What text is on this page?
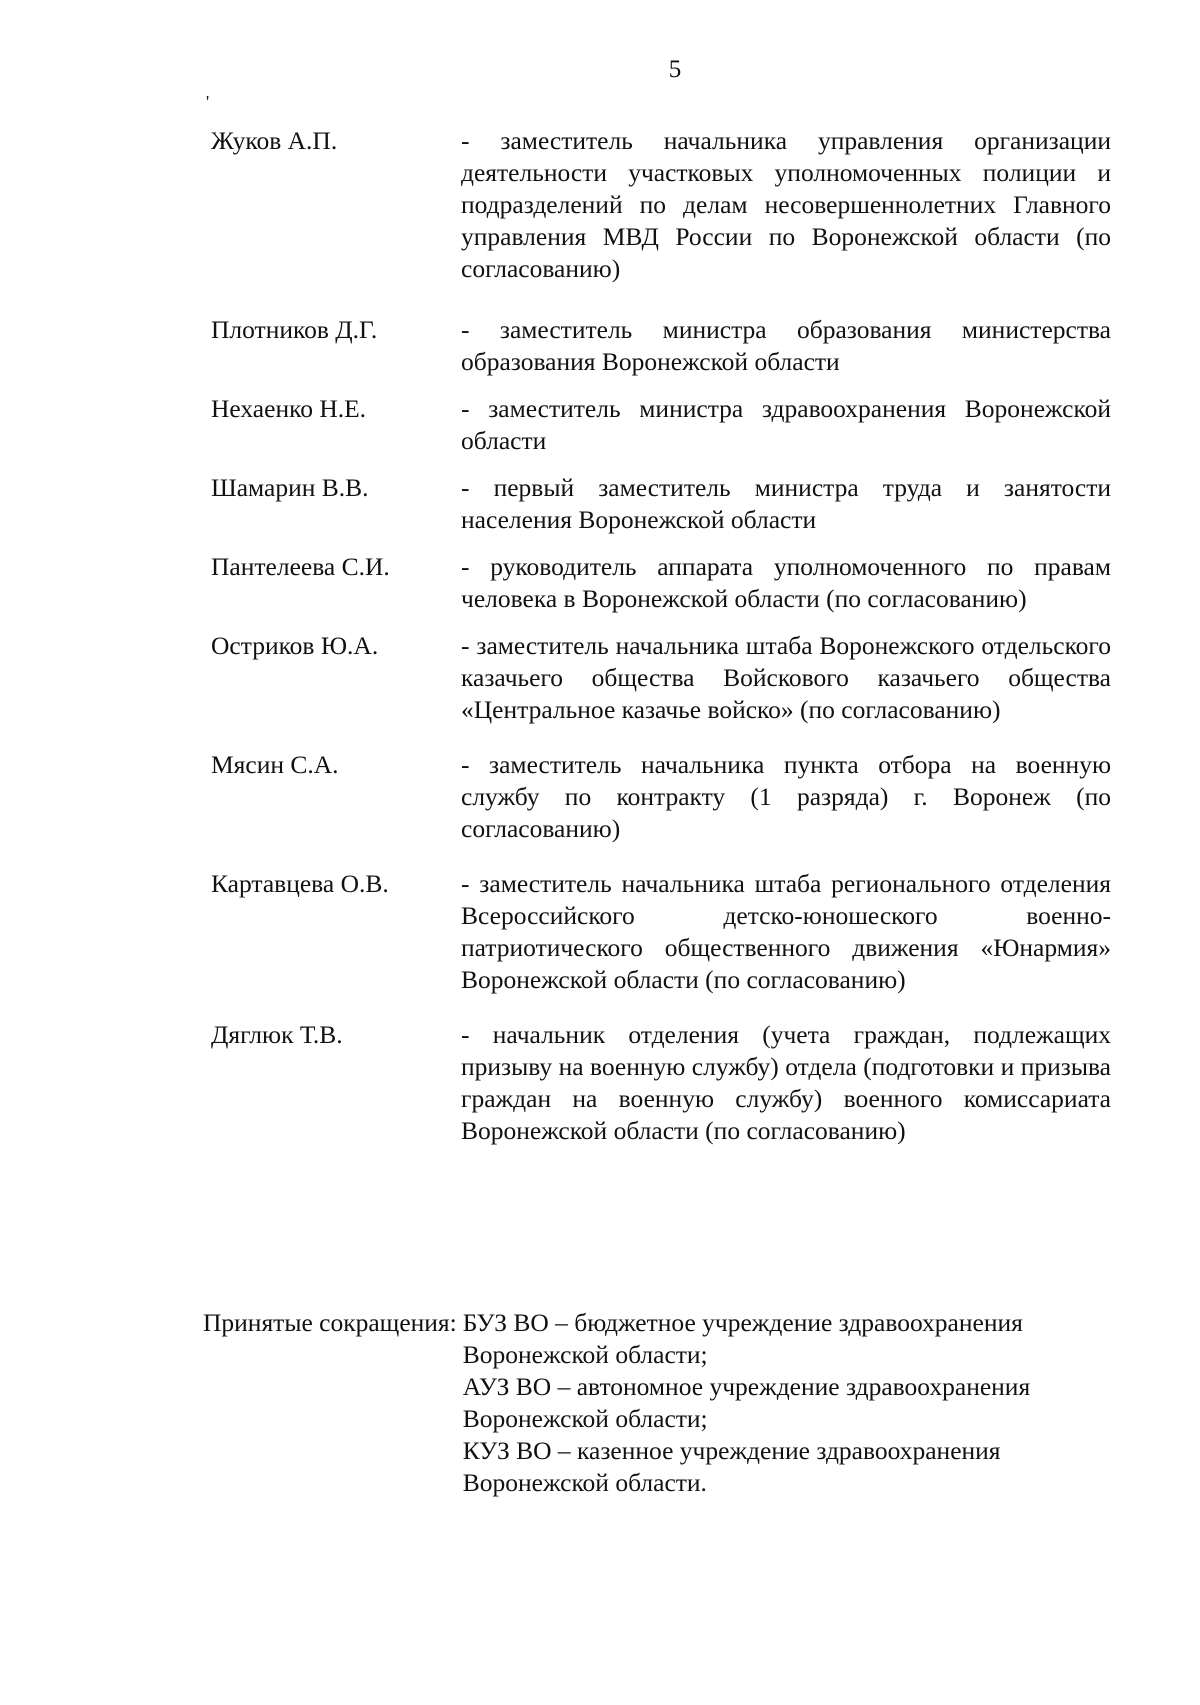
5
'
Жуков А.П.	- заместитель начальника управления организации деятельности участковых уполномоченных полиции и подразделений по делам несовершеннолетних Главного управления МВД России по Воронежской области (по согласованию)
Плотников Д.Г.	- заместитель министра образования министерства образования Воронежской области
Нехаенко Н.Е.	- заместитель министра здравоохранения Воронежской области
Шамарин В.В.	- первый заместитель министра труда и занятости населения Воронежской области
Пантелеева С.И.	- руководитель аппарата уполномоченного по правам человека в Воронежской области (по согласованию)
Остриков Ю.А.	- заместитель начальника штаба Воронежского отдельского казачьего общества Войскового казачьего общества «Центральное казачье войско» (по согласованию)
Мясин С.А.	- заместитель начальника пункта отбора на военную службу по контракту (1 разряда) г. Воронеж (по согласованию)
Картавцева О.В.	- заместитель начальника штаба регионального отделения Всероссийского детско-юношеского военно-патриотического общественного движения «Юнармия» Воронежской области (по согласованию)
Дяглюк Т.В.	- начальник отделения (учета граждан, подлежащих призыву на военную службу) отдела (подготовки и призыва граждан на военную службу) военного комиссариата Воронежской области (по согласованию)
Принятые сокращения: БУЗ ВО – бюджетное учреждение здравоохранения
Воронежской области;
АУЗ ВО – автономное учреждение здравоохранения
Воронежской области;
КУЗ ВО – казенное учреждение здравоохранения
Воронежской области.
